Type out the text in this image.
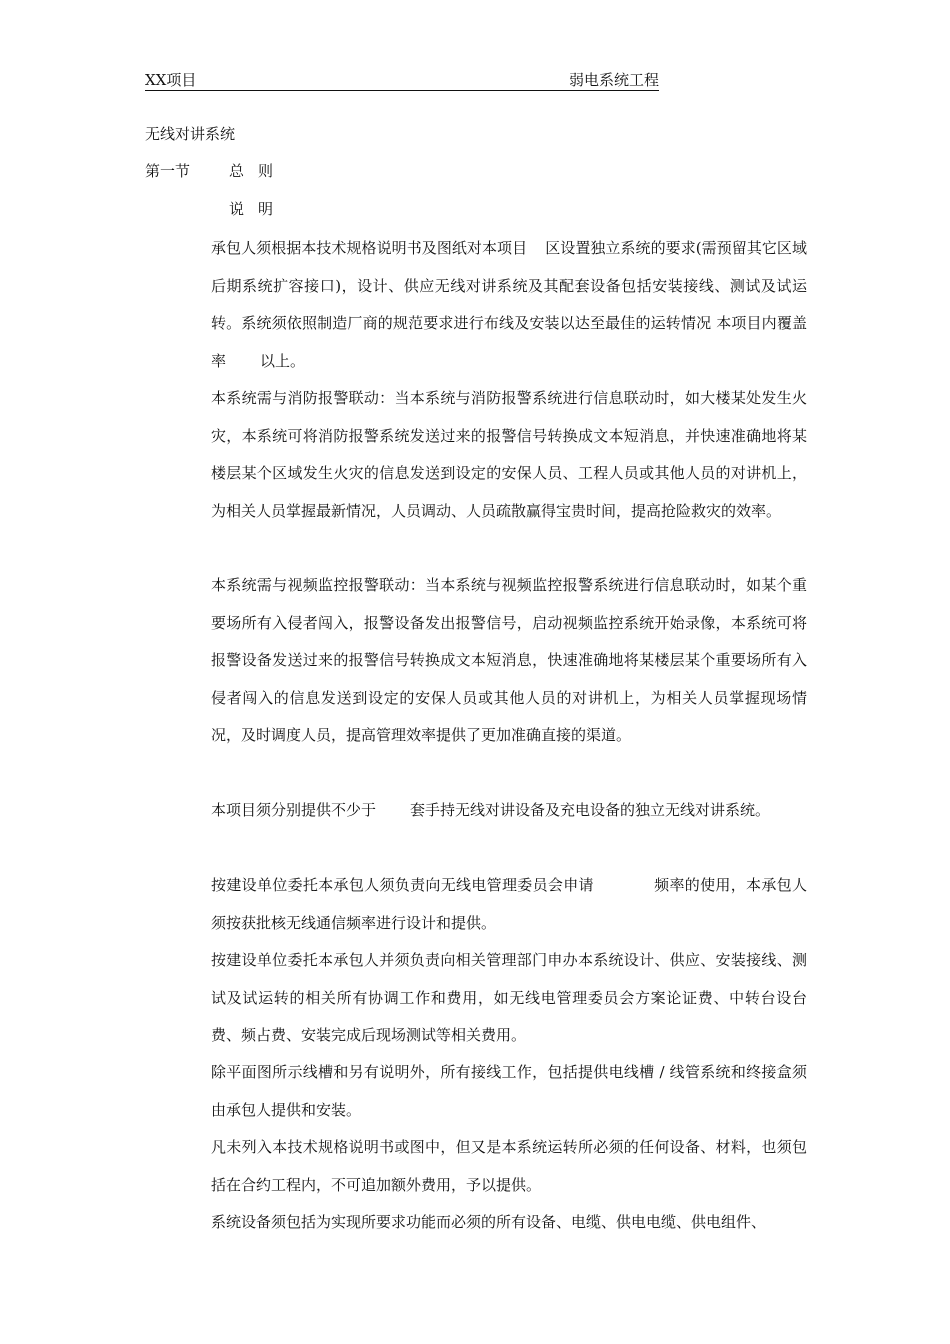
XX项目	弱电系统工程
无线对讲系统
第一节	总则
说明

承包人须根据本技术规格说明书及图纸对本项目 区设置独立系统的要求(需预留其它区域后期系统扩容接口)，设计、供应无线对讲系统及其配套设备包括安装接线、测试及试运转。系统须依照制造厂商的规范要求进行布线及安装以达至最佳的运转情况 本项目内覆盖率 以上。

本系统需与消防报警联动：当本系统与消防报警系统进行信息联动时，如大楼某处发生火灾，本系统可将消防报警系统发送过来的报警信号转换成文本短消息，并快速准确地将某楼层某个区域发生火灾的信息发送到设定的安保人员、工程人员或其他人员的对讲机上，为相关人员掌握最新情况，人员调动、人员疏散赢得宝贵时间，提高抢险救灾的效率。

本系统需与视频监控报警联动：当本系统与视频监控报警系统进行信息联动时，如某个重要场所有入侵者闯入，报警设备发出报警信号，启动视频监控系统开始录像，本系统可将报警设备发送过来的报警信号转换成文本短消息，快速准确地将某楼层某个重要场所有入侵者闯入的信息发送到设定的安保人员或其他人员的对讲机上，为相关人员掌握现场情况，及时调度人员，提高管理效率提供了更加准确直接的渠道。

本项目须分别提供不少于 套手持无线对讲设备及充电设备的独立无线对讲系统。

按建设单位委托本承包人须负责向无线电管理委员会申请	频率的使用，本承包人须按获批核无线通信频率进行设计和提供。

按建设单位委托本承包人并须负责向相关管理部门申办本系统设计、供应、安装接线、测试及试运转的相关所有协调工作和费用，如无线电管理委员会方案论证费、中转台设台费、频占费、安装完成后现场测试等相关费用。

除平面图所示线槽和另有说明外，所有接线工作，包括提供电线槽 / 线管系统和终接盒须由承包人提供和安装。

凡未列入本技术规格说明书或图中，但又是本系统运转所必须的任何设备、材料，也须包括在合约工程内，不可追加额外费用，予以提供。

系统设备须包括为实现所要求功能而必须的所有设备、电缆、供电电缆、供电组件、
